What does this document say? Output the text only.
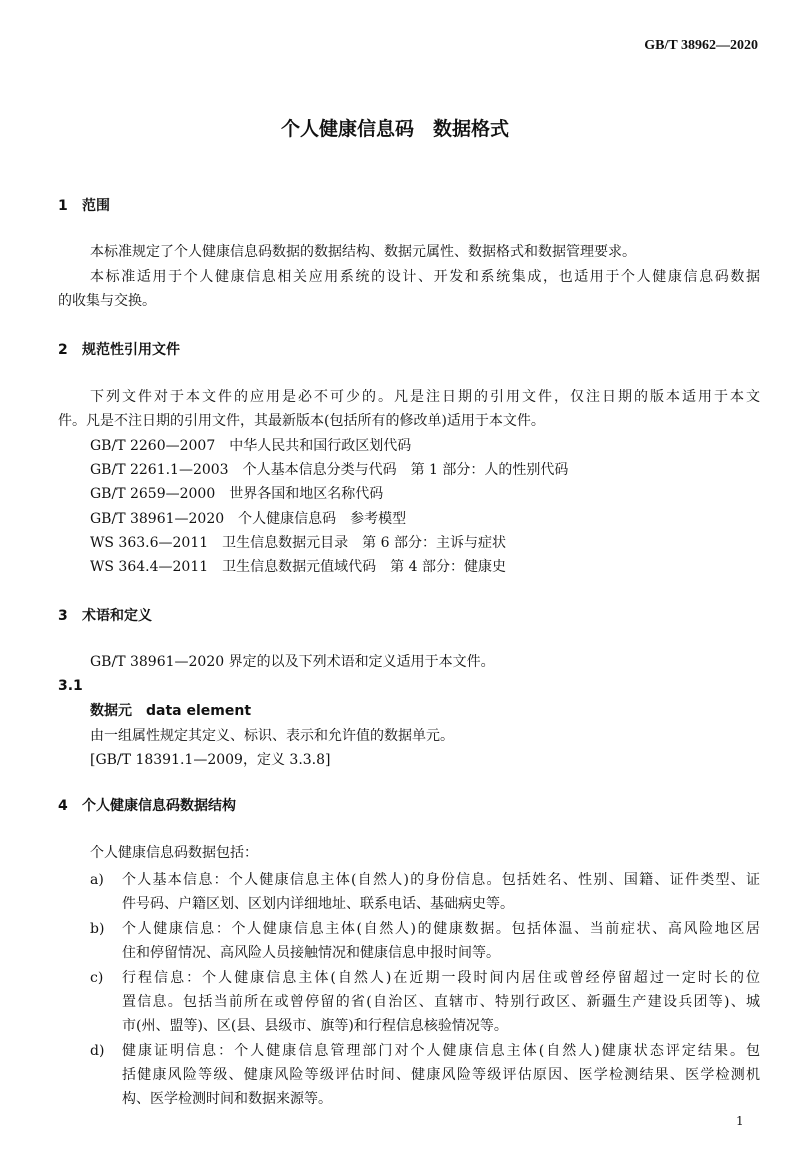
GB/T 38962—2020
个人健康信息码　数据格式
1 范围
本标准规定了个人健康信息码数据的数据结构、数据元属性、数据格式和数据管理要求。
本标准适用于个人健康信息相关应用系统的设计、开发和系统集成，也适用于个人健康信息码数据
的收集与交换。
2 规范性引用文件
下列文件对于本文件的应用是必不可少的。凡是注日期的引用文件，仅注日期的版本适用于本文
件。凡是不注日期的引用文件，其最新版本(包括所有的修改单)适用于本文件。
GB/T 2260—2007　 中华人民共和国行政区划代码
GB/T 2261.1—2003　 个人基本信息分类与代码　第 1 部分：人的性别代码
GB/T 2659—2000　 世界各国和地区名称代码
GB/T 38961—2020　 个人健康信息码　参考模型
WS 363.6—2011　 卫生信息数据元目录　第 6 部分：主诉与症状
WS 364.4—2011　 卫生信息数据元值域代码　第 4 部分：健康史
3 术语和定义
GB/T 38961—2020 界定的以及下列术语和定义适用于本文件。
3.1
数据元　 data element
由一组属性规定其定义、标识、表示和允许值的数据单元。
[GB/T 18391.1—2009，定义 3.3.8]
4 个人健康信息码数据结构
个人健康信息码数据包括：
a) 个人基本信息：个人健康信息主体(自然人)的身份信息。包括姓名、性别、国籍、证件类型、证
件号码、户籍区划、区划内详细地址、联系电话、基础病史等。
b) 个人健康信息：个人健康信息主体(自然人)的健康数据。包括体温、当前症状、高风险地区居
住和停留情况、高风险人员接触情况和健康信息申报时间等。
c) 行程信息：个人健康信息主体(自然人)在近期一段时间内居住或曾经停留超过一定时长的位
置信息。包括当前所在或曾停留的省(自治区、直辖市、特别行政区、新疆生产建设兵团等)、城
市(州、盟等)、区(县、县级市、旗等)和行程信息核验情况等。
d) 健康证明信息：个人健康信息管理部门对个人健康信息主体(自然人)健康状态评定结果。包
括健康风险等级、健康风险等级评估时间、健康风险等级评估原因、医学检测结果、医学检测机
构、医学检测时间和数据来源等。
1
